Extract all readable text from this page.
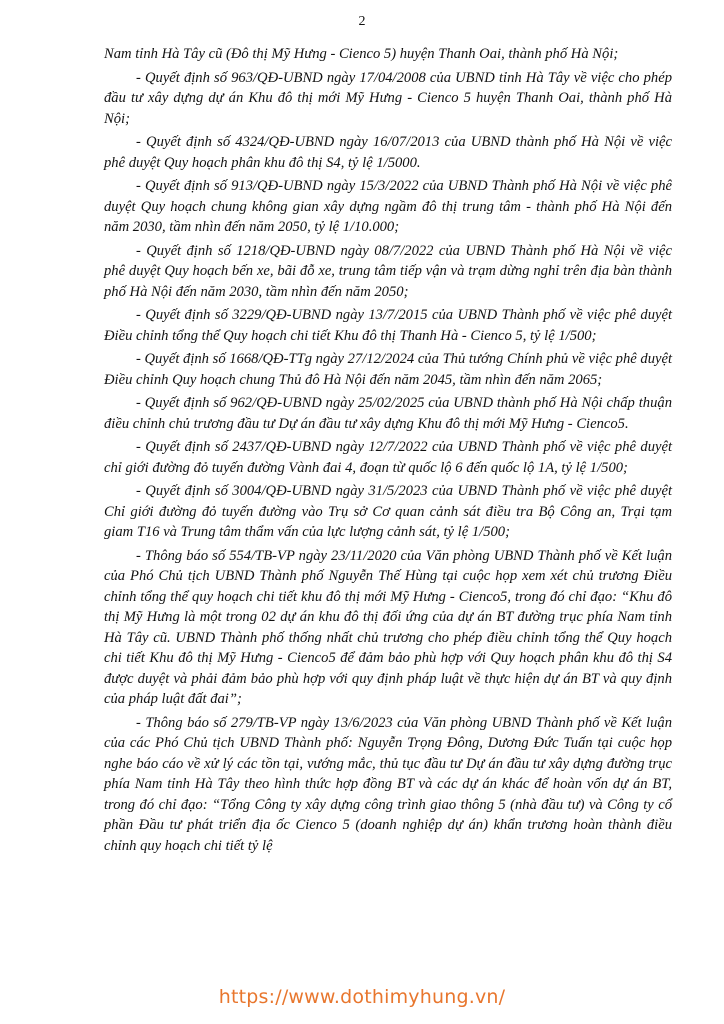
2

Nam tỉnh Hà Tây cũ (Đô thị Mỹ Hưng - Cienco 5) huyện Thanh Oai, thành phố Hà Nội;

- Quyết định số 963/QĐ-UBND ngày 17/04/2008 của UBND tỉnh Hà Tây về việc cho phép đầu tư xây dựng dự án Khu đô thị mới Mỹ Hưng - Cienco 5 huyện Thanh Oai, thành phố Hà Nội;

- Quyết định số 4324/QĐ-UBND ngày 16/07/2013 của UBND thành phố Hà Nội về việc phê duyệt Quy hoạch phân khu đô thị S4, tỷ lệ 1/5000.

- Quyết định số 913/QĐ-UBND ngày 15/3/2022 của UBND Thành phố Hà Nội về việc phê duyệt Quy hoạch chung không gian xây dựng ngầm đô thị trung tâm - thành phố Hà Nội đến năm 2030, tầm nhìn đến năm 2050, tỷ lệ 1/10.000;

- Quyết định số 1218/QĐ-UBND ngày 08/7/2022 của UBND Thành phố Hà Nội về việc phê duyệt Quy hoạch bến xe, bãi đỗ xe, trung tâm tiếp vận và trạm dừng nghỉ trên địa bàn thành phố Hà Nội đến năm 2030, tầm nhìn đến năm 2050;

- Quyết định số 3229/QĐ-UBND ngày 13/7/2015 của UBND Thành phố về việc phê duyệt Điều chỉnh tổng thể Quy hoạch chi tiết Khu đô thị Thanh Hà - Cienco 5, tỷ lệ 1/500;

- Quyết định số 1668/QĐ-TTg ngày 27/12/2024 của Thủ tướng Chính phủ về việc phê duyệt Điều chỉnh Quy hoạch chung Thủ đô Hà Nội đến năm 2045, tầm nhìn đến năm 2065;

- Quyết định số 962/QĐ-UBND ngày 25/02/2025 của UBND thành phố Hà Nội chấp thuận điều chỉnh chủ trương đầu tư Dự án đầu tư xây dựng Khu đô thị mới Mỹ Hưng - Cienco5.

- Quyết định số 2437/QĐ-UBND ngày 12/7/2022 của UBND Thành phố về việc phê duyệt chỉ giới đường đỏ tuyến đường Vành đai 4, đoạn từ quốc lộ 6 đến quốc lộ 1A, tỷ lệ 1/500;

- Quyết định số 3004/QĐ-UBND ngày 31/5/2023 của UBND Thành phố về việc phê duyệt Chỉ giới đường đỏ tuyến đường vào Trụ sở Cơ quan cảnh sát điều tra Bộ Công an, Trại tạm giam T16 và Trung tâm thẩm vấn của lực lượng cảnh sát, tỷ lệ 1/500;

- Thông báo số 554/TB-VP ngày 23/11/2020 của Văn phòng UBND Thành phố về Kết luận của Phó Chủ tịch UBND Thành phố Nguyễn Thế Hùng tại cuộc họp xem xét chủ trương Điều chỉnh tổng thể quy hoạch chi tiết khu đô thị mới Mỹ Hưng - Cienco5, trong đó chỉ đạo: “Khu đô thị Mỹ Hưng là một trong 02 dự án khu đô thị đối ứng của dự án BT đường trục phía Nam tỉnh Hà Tây cũ. UBND Thành phố thống nhất chủ trương cho phép điều chỉnh tổng thể Quy hoạch chi tiết Khu đô thị Mỹ Hưng - Cienco5 để đảm bảo phù hợp với Quy hoạch phân khu đô thị S4 được duyệt và phải đảm bảo phù hợp với quy định pháp luật về thực hiện dự án BT và quy định của pháp luật đất đai”;

- Thông báo số 279/TB-VP ngày 13/6/2023 của Văn phòng UBND Thành phố về Kết luận của các Phó Chủ tịch UBND Thành phố: Nguyễn Trọng Đông, Dương Đức Tuấn tại cuộc họp nghe báo cáo về xử lý các tồn tại, vướng mắc, thủ tục đầu tư Dự án đầu tư xây dựng đường trục phía Nam tỉnh Hà Tây theo hình thức hợp đồng BT và các dự án khác để hoàn vốn dự án BT, trong đó chỉ đạo: “Tổng Công ty xây dựng công trình giao thông 5 (nhà đầu tư) và Công ty cổ phần Đầu tư phát triển địa ốc Cienco 5 (doanh nghiệp dự án) khẩn trương hoàn thành điều chỉnh quy hoạch chi tiết tỷ lệ

https://www.dothimyhung.vn/
